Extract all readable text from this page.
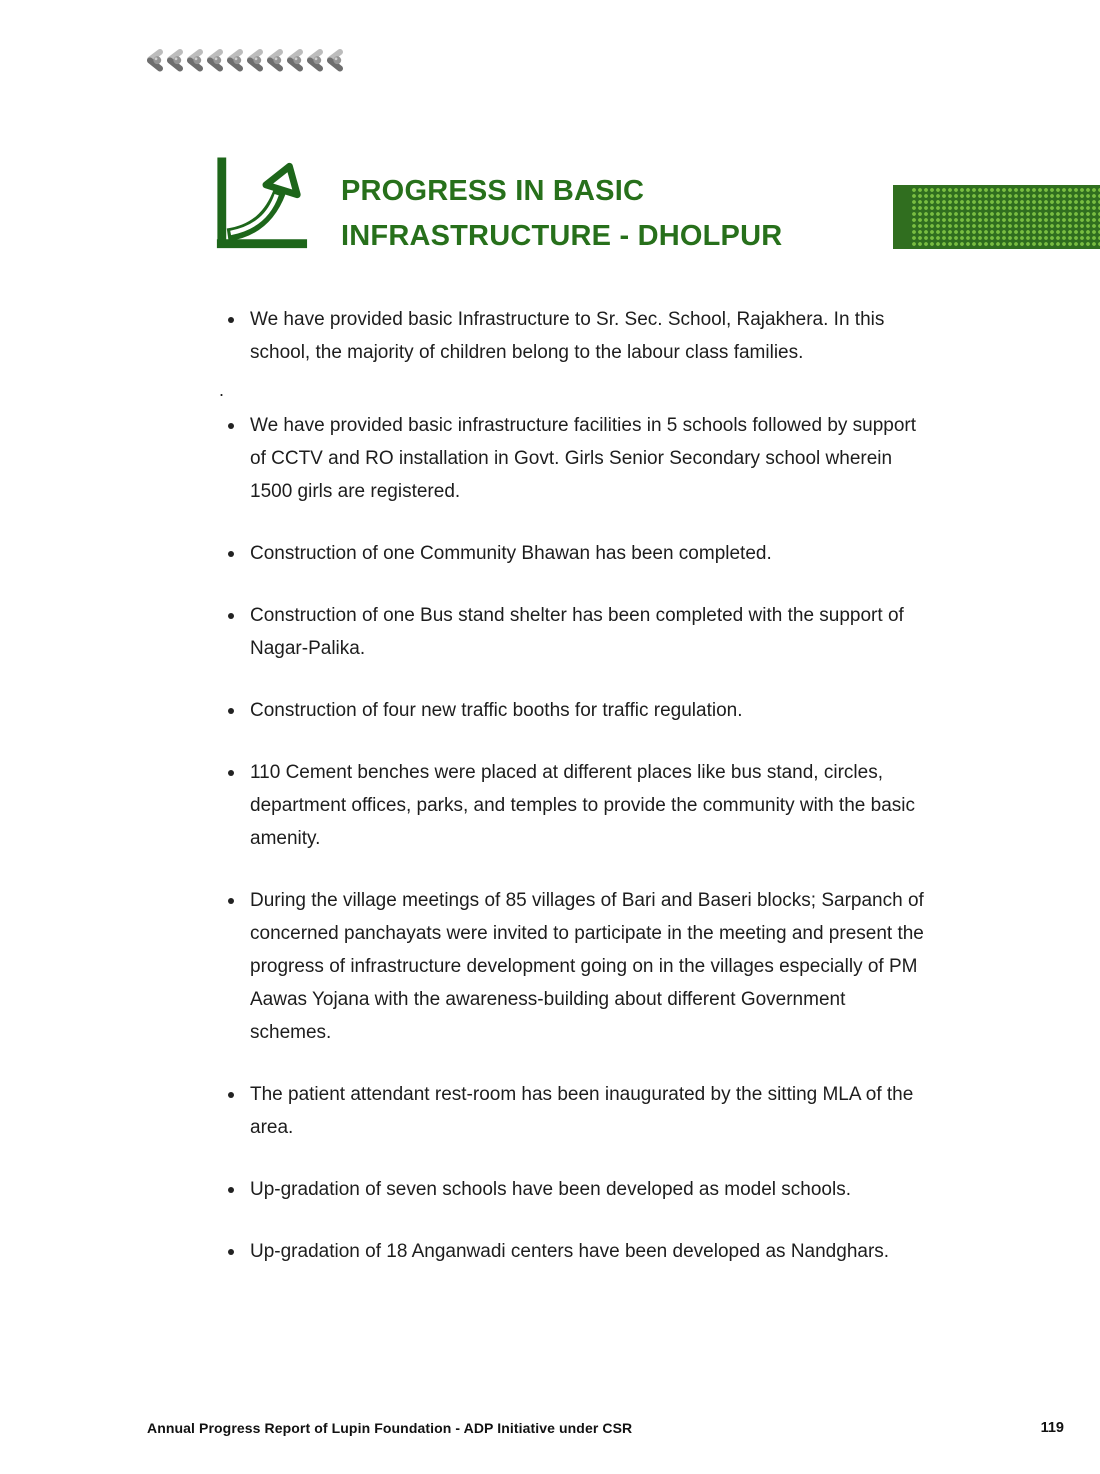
PROGRESS IN BASIC
INFRASTRUCTURE - DHOLPUR
We have provided basic Infrastructure to Sr. Sec. School, Rajakhera. In this school, the majority of children belong to the labour class families.
.
We have provided basic infrastructure facilities in 5 schools followed by support of CCTV and RO installation in Govt. Girls Senior Secondary school wherein 1500 girls are registered.
Construction of one Community Bhawan has been completed.
Construction of one Bus stand shelter has been completed with the support of Nagar-Palika.
Construction of four new traffic booths for traffic regulation.
110 Cement benches were placed at different places like bus stand, circles, department offices, parks, and temples to provide the community with the basic amenity.
During the village meetings of 85 villages of Bari and Baseri blocks; Sarpanch of concerned panchayats were invited to participate in the meeting and present the progress of infrastructure development going on in the villages especially of PM Aawas Yojana with the awareness-building about different Government schemes.
The patient attendant rest-room has been inaugurated by the sitting MLA of the area.
Up-gradation of seven schools have been developed as model schools.
Up-gradation of 18 Anganwadi centers have been developed as Nandghars.
Annual Progress Report of Lupin Foundation - ADP Initiative under CSR	119
